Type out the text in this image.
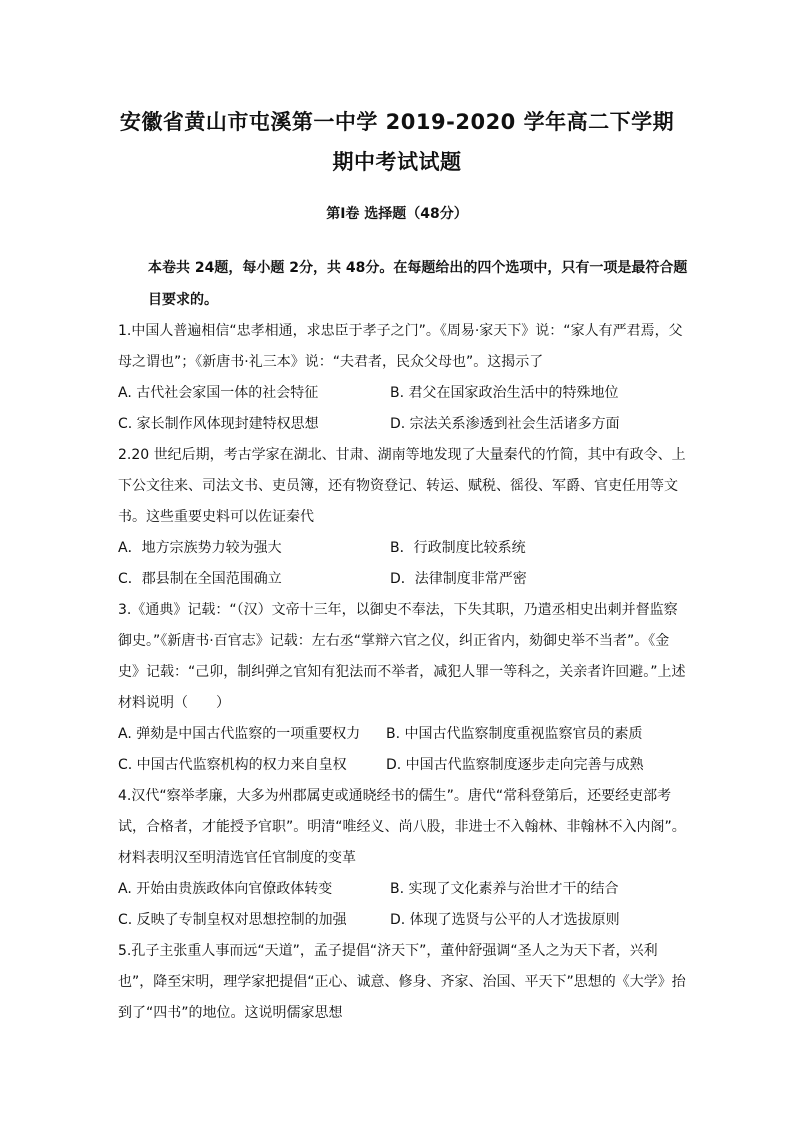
安徽省黄山市屯溪第一中学 2019-2020 学年高二下学期
期中考试试题
第Ⅰ卷 选择题（48分）
本卷共 24题，每小题 2分，共 48分。在每题给出的四个选项中，只有一项是最符合题目要求的。

1.中国人普遍相信“忠孝相通，求忠臣于孝子之门”。《周易·家天下》说：“家人有严君焉，父母之谓也”；《新唐书·礼三本》说：“夫君者，民众父母也”。这揭示了

A. 古代社会家国一体的社会特征	B. 君父在国家政治生活中的特殊地位
C. 家长制作风体现封建特权思想	D. 宗法关系渗透到社会生活诸多方面

2.20 世纪后期，考古学家在湖北、甘肃、湖南等地发现了大量秦代的竹简，其中有政令、上下公文往来、司法文书、吏员簿，还有物资登记、转运、赋税、徭役、军爵、官吏任用等文书。这些重要史料可以佐证秦代

A．地方宗族势力较为强大	B．行政制度比较系统
C．郡县制在全国范围确立	D．法律制度非常严密

3.《通典》记载：“（汉）文帝十三年，以御史不奉法，下失其职，乃遣丞相史出刺并督监察御史。”《新唐书·百官志》记载：左右丞“掌辩六官之仪，纠正省内，劾御史举不当者”。《金史》记载：“己卯，制纠弹之官知有犯法而不举者，减犯人罪一等科之，关亲者许回避。”上述材料说明（　　）

A. 弹劾是中国古代监察的一项重要权力	B. 中国古代监察制度重视监察官员的素质
C. 中国古代监察机构的权力来自皇权	D. 中国古代监察制度逐步走向完善与成熟

4.汉代“察举孝廉，大多为州郡属吏或通晓经书的儒生”。唐代“常科登第后，还要经吏部考试，合格者，才能授予官职”。明清“唯经义、尚八股，非进士不入翰林、非翰林不入内阁”。材料表明汉至明清选官任官制度的变革

A. 开始由贵族政体向官僚政体转变	B. 实现了文化素养与治世才干的结合
C. 反映了专制皇权对思想控制的加强	D. 体现了选贤与公平的人才选拔原则

5.孔子主张重人事而远“天道”，孟子提倡“济天下”，董仲舒强调“圣人之为天下者，兴利也”，降至宋明，理学家把提倡“正心、诚意、修身、齐家、治国、平天下”思想的《大学》抬到了“四书”的地位。这说明儒家思想
